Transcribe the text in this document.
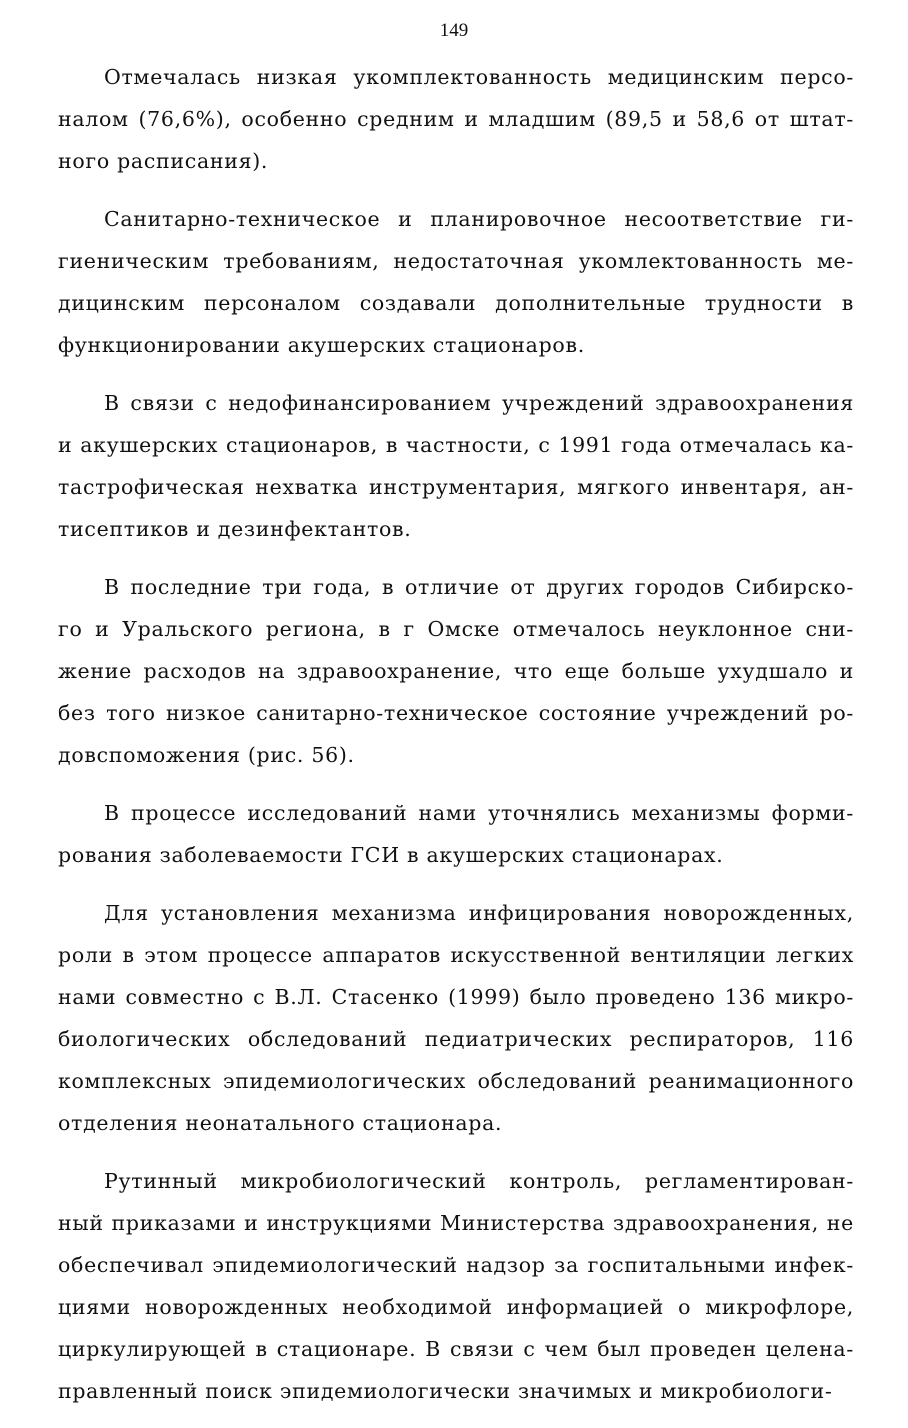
149
Отмечалась низкая укомплектованность медицинским персо-
налом (76,6%), особенно средним и младшим (89,5 и 58,6 от штат-
ного расписания).
Санитарно-техническое и планировочное несоответствие ги-
гиеническим требованиям, недостаточная укомлектованность ме-
дицинским персоналом создавали дополнительные трудности в
функционировании акушерских стационаров.
В связи с недофинансированием учреждений здравоохранения
и акушерских стационаров, в частности, с 1991 года отмечалась ка-
тастрофическая нехватка инструментария, мягкого инвентаря, ан-
тисептиков и дезинфектантов.
В последние три года, в отличие от других городов Сибирско-
го и Уральского региона, в г Омске отмечалось неуклонное сни-
жение расходов на здравоохранение, что еще больше ухудшало и
без того низкое санитарно-техническое состояние учреждений ро-
довспоможения (рис. 56).
В процессе исследований нами уточнялись механизмы форми-
рования заболеваемости ГСИ в акушерских стационарах.
Для установления механизма инфицирования новорожденных,
роли в этом процессе аппаратов искусственной вентиляции легких
нами совместно с В.Л. Стасенко (1999) было проведено 136 микро-
биологических обследований педиатрических респираторов, 116
комплексных эпидемиологических обследований реанимационного
отделения неонатального стационара.
Рутинный микробиологический контроль, регламентирован-
ный приказами и инструкциями Министерства здравоохранения, не
обеспечивал эпидемиологический надзор за госпитальными инфек-
циями новорожденных необходимой информацией о микрофлоре,
циркулирующей в стационаре. В связи с чем был проведен целена-
правленный поиск эпидемиологически значимых и микробиологи-
